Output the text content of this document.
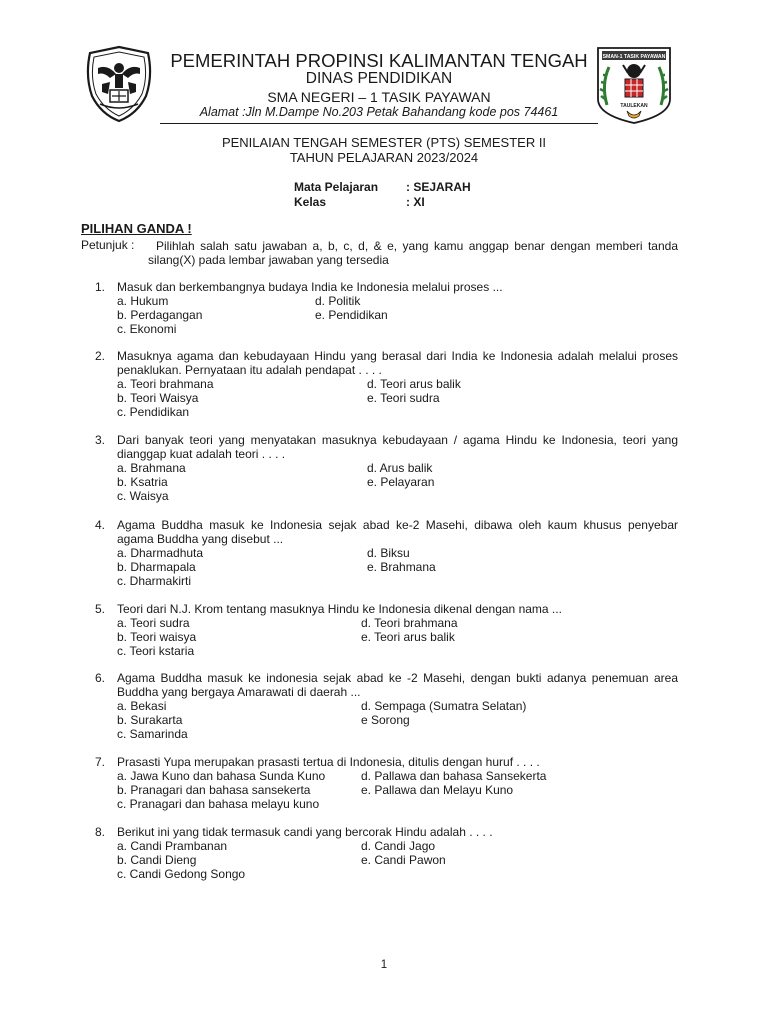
PEMERINTAH PROPINSI KALIMANTAN TENGAH
DINAS PENDIDIKAN
SMA NEGERI – 1 TASIK PAYAWAN
Alamat :Jln M.Dampe No.203 Petak Bahandang kode pos 74461
SMAN-1 TASIK PAYAWAN
TAULEKAN
PENILAIAN TENGAH SEMESTER (PTS) SEMESTER II
TAHUN PELAJARAN 2023/2024
Mata Pelajaran	: SEJARAH
Kelas	: XI
PILIHAN GANDA !
Petunjuk :	Pilihlah salah satu jawaban a, b, c, d, & e, yang kamu anggap benar dengan memberi tanda
silang(X) pada lembar jawaban yang tersedia
1. Masuk dan berkembangnya budaya India ke Indonesia melalui proses ...
a. Hukum
b. Perdagangan
c. Ekonomi
d. Politik
e. Pendidikan
2. Masuknya agama dan kebudayaan Hindu yang berasal dari India ke Indonesia adalah melalui proses
penaklukan. Pernyataan itu adalah pendapat . . . .
a. Teori brahmana
b. Teori Waisya
c. Pendidikan
d. Teori arus balik
e. Teori sudra
3. Dari banyak teori yang menyatakan masuknya kebudayaan / agama Hindu ke Indonesia, teori yang
dianggap kuat adalah teori . . . .
a. Brahmana
b. Ksatria
c. Waisya
d. Arus balik
e. Pelayaran
4. Agama Buddha masuk ke Indonesia sejak abad ke-2 Masehi, dibawa oleh kaum khusus penyebar
agama Buddha yang disebut ...
a. Dharmadhuta
b. Dharmapala
c. Dharmakirti
d. Biksu
e. Brahmana
5. Teori dari N.J. Krom tentang masuknya Hindu ke Indonesia dikenal dengan nama ...
a. Teori sudra
b. Teori waisya
c. Teori kstaria
d. Teori brahmana
e. Teori arus balik
6. Agama Buddha masuk ke indonesia sejak abad ke -2 Masehi, dengan bukti adanya penemuan area
Buddha yang bergaya Amarawati di daerah ...
a. Bekasi
b. Surakarta
c. Samarinda
d. Sempaga (Sumatra Selatan)
e Sorong
7. Prasasti Yupa merupakan prasasti tertua di Indonesia, ditulis dengan huruf . . . .
a. Jawa Kuno dan bahasa Sunda Kuno
b. Pranagari dan bahasa sansekerta
c. Pranagari dan bahasa melayu kuno
d. Pallawa dan bahasa Sansekerta
e. Pallawa dan Melayu Kuno
8. Berikut ini yang tidak termasuk candi yang bercorak Hindu adalah . . . .
a. Candi Prambanan
b. Candi Dieng
c. Candi Gedong Songo
d. Candi Jago
e. Candi Pawon
1
